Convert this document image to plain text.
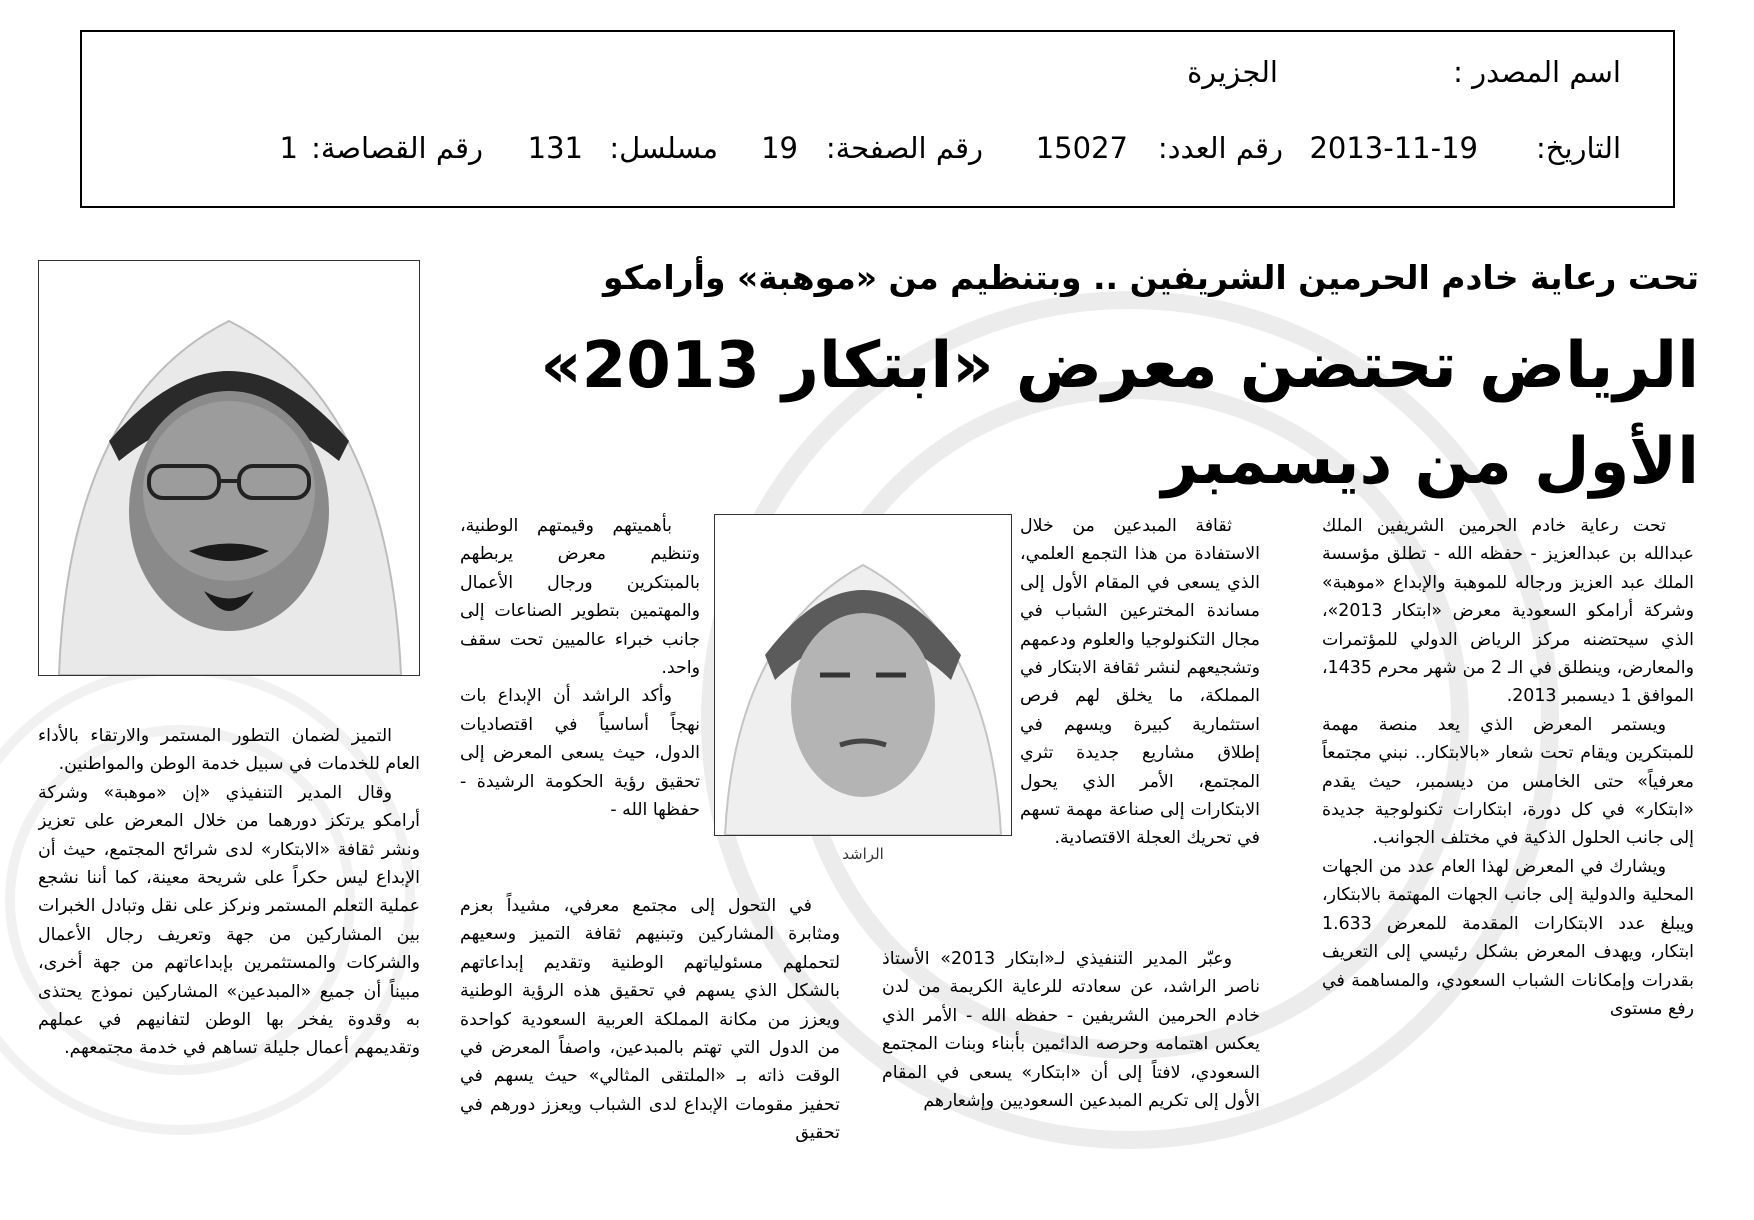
اسم المصدر :
الجزيرة
التاريخ:
2013-11-19
رقم العدد:
15027
رقم الصفحة:
19
مسلسل:
131
رقم القصاصة:
1
تحت رعاية خادم الحرمين الشريفين .. وبتنظيم من «موهبة» وأرامكو
الرياض تحتضن معرض «ابتكار 2013»
الأول من ديسمبر
الراشد

تحت رعاية خادم الحرمين الشريفين الملك عبدالله بن عبدالعزيز - حفظه الله - تطلق مؤسسة الملك عبد العزيز ورجاله للموهبة والإبداع «موهبة» وشركة أرامكو السعودية معرض «ابتكار 2013»، الذي سيحتضنه مركز الرياض الدولي للمؤتمرات والمعارض، وينطلق في الـ 2 من شهر محرم 1435، الموافق 1 ديسمبر 2013.

ويستمر المعرض الذي يعد منصة مهمة للمبتكرين ويقام تحت شعار «بالابتكار.. نبني مجتمعاً معرفياً» حتى الخامس من ديسمبر، حيث يقدم «ابتكار» في كل دورة، ابتكارات تكنولوجية جديدة إلى جانب الحلول الذكية في مختلف الجوانب.

ويشارك في المعرض لهذا العام عدد من الجهات المحلية والدولية إلى جانب الجهات المهتمة بالابتكار، ويبلغ عدد الابتكارات المقدمة للمعرض 1.633 ابتكار، ويهدف المعرض بشكل رئيسي إلى التعريف بقدرات وإمكانات الشباب السعودي، والمساهمة في رفع مستوى

ثقافة المبدعين من خلال الاستفادة من هذا التجمع العلمي، الذي يسعى في المقام الأول إلى مساندة المخترعين الشباب في مجال التكنولوجيا والعلوم ودعمهم وتشجيعهم لنشر ثقافة الابتكار في المملكة، ما يخلق لهم فرص استثمارية كبيرة ويسهم في إطلاق مشاريع جديدة تثري المجتمع، الأمر الذي يحول الابتكارات إلى صناعة مهمة تسهم في تحريك العجلة الاقتصادية.

وعبّر المدير التنفيذي لـ«ابتكار 2013» الأستاذ ناصر الراشد، عن سعادته للرعاية الكريمة من لدن خادم الحرمين الشريفين - حفظه الله - الأمر الذي يعكس اهتمامه وحرصه الدائمين بأبناء وبنات المجتمع السعودي، لافتاً إلى أن «ابتكار» يسعى في المقام الأول إلى تكريم المبدعين السعوديين وإشعارهم

بأهميتهم وقيمتهم الوطنية، وتنظيم معرض يربطهم بالمبتكرين ورجال الأعمال والمهتمين بتطوير الصناعات إلى جانب خبراء عالميين تحت سقف واحد.

وأكد الراشد أن الإبداع بات نهجاً أساسياً في اقتصاديات الدول، حيث يسعى المعرض إلى تحقيق رؤية الحكومة الرشيدة - حفظها الله -

في التحول إلى مجتمع معرفي، مشيداً بعزم ومثابرة المشاركين وتبنيهم ثقافة التميز وسعيهم لتحملهم مسئولياتهم الوطنية وتقديم إبداعاتهم بالشكل الذي يسهم في تحقيق هذه الرؤية الوطنية ويعزز من مكانة المملكة العربية السعودية كواحدة من الدول التي تهتم بالمبدعين، واصفاً المعرض في الوقت ذاته بـ «الملتقى المثالي» حيث يسهم في تحفيز مقومات الإبداع لدى الشباب ويعزز دورهم في تحقيق

التميز لضمان التطور المستمر والارتقاء بالأداء العام للخدمات في سبيل خدمة الوطن والمواطنين.

وقال المدير التنفيذي «إن «موهبة» وشركة أرامكو يرتكز دورهما من خلال المعرض على تعزيز ونشر ثقافة «الابتكار» لدى شرائح المجتمع، حيث أن الإبداع ليس حكراً على شريحة معينة، كما أننا نشجع عملية التعلم المستمر ونركز على نقل وتبادل الخبرات بين المشاركين من جهة وتعريف رجال الأعمال والشركات والمستثمرين بإبداعاتهم من جهة أخرى، مبيناً أن جميع «المبدعين» المشاركين نموذج يحتذى به وقدوة يفخر بها الوطن لتفانيهم في عملهم وتقديمهم أعمال جليلة تساهم في خدمة مجتمعهم.
